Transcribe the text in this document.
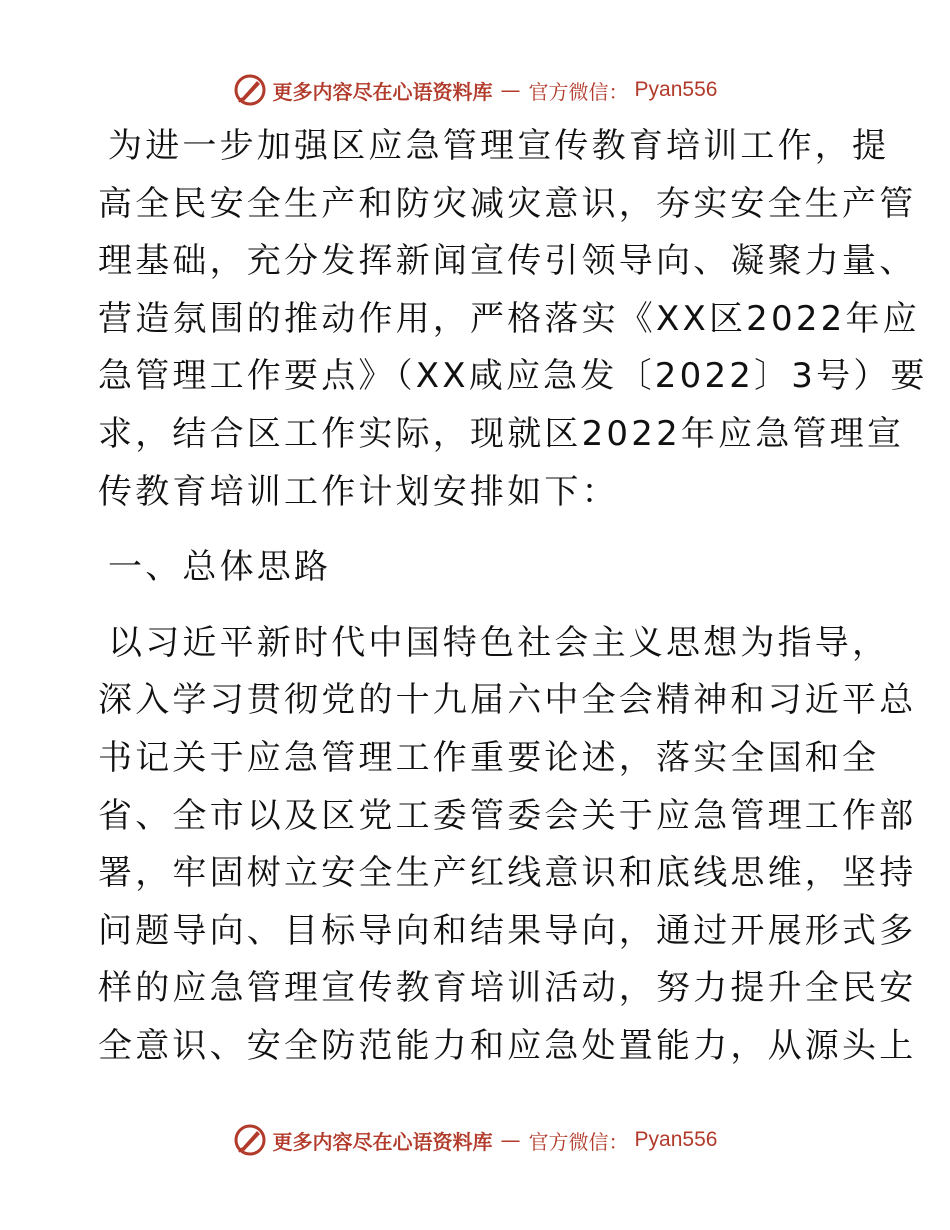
更多内容尽在心语资料库 — 官方微信： Pyan556
为进一步加强区应急管理宣传教育培训工作，提
高全民安全生产和防灾减灾意识，夯实安全生产管
理基础，充分发挥新闻宣传引领导向、凝聚力量、
营造氛围的推动作用，严格落实《XX区2022年应
急管理工作要点》（XX咸应急发〔2022〕3号）要
求，结合区工作实际，现就区2022年应急管理宣
传教育培训工作计划安排如下：
一、总体思路
以习近平新时代中国特色社会主义思想为指导，
深入学习贯彻党的十九届六中全会精神和习近平总
书记关于应急管理工作重要论述，落实全国和全
省、全市以及区党工委管委会关于应急管理工作部
署，牢固树立安全生产红线意识和底线思维，坚持
问题导向、目标导向和结果导向，通过开展形式多
样的应急管理宣传教育培训活动，努力提升全民安
全意识、安全防范能力和应急处置能力，从源头上
更多内容尽在心语资料库 — 官方微信： Pyan556
